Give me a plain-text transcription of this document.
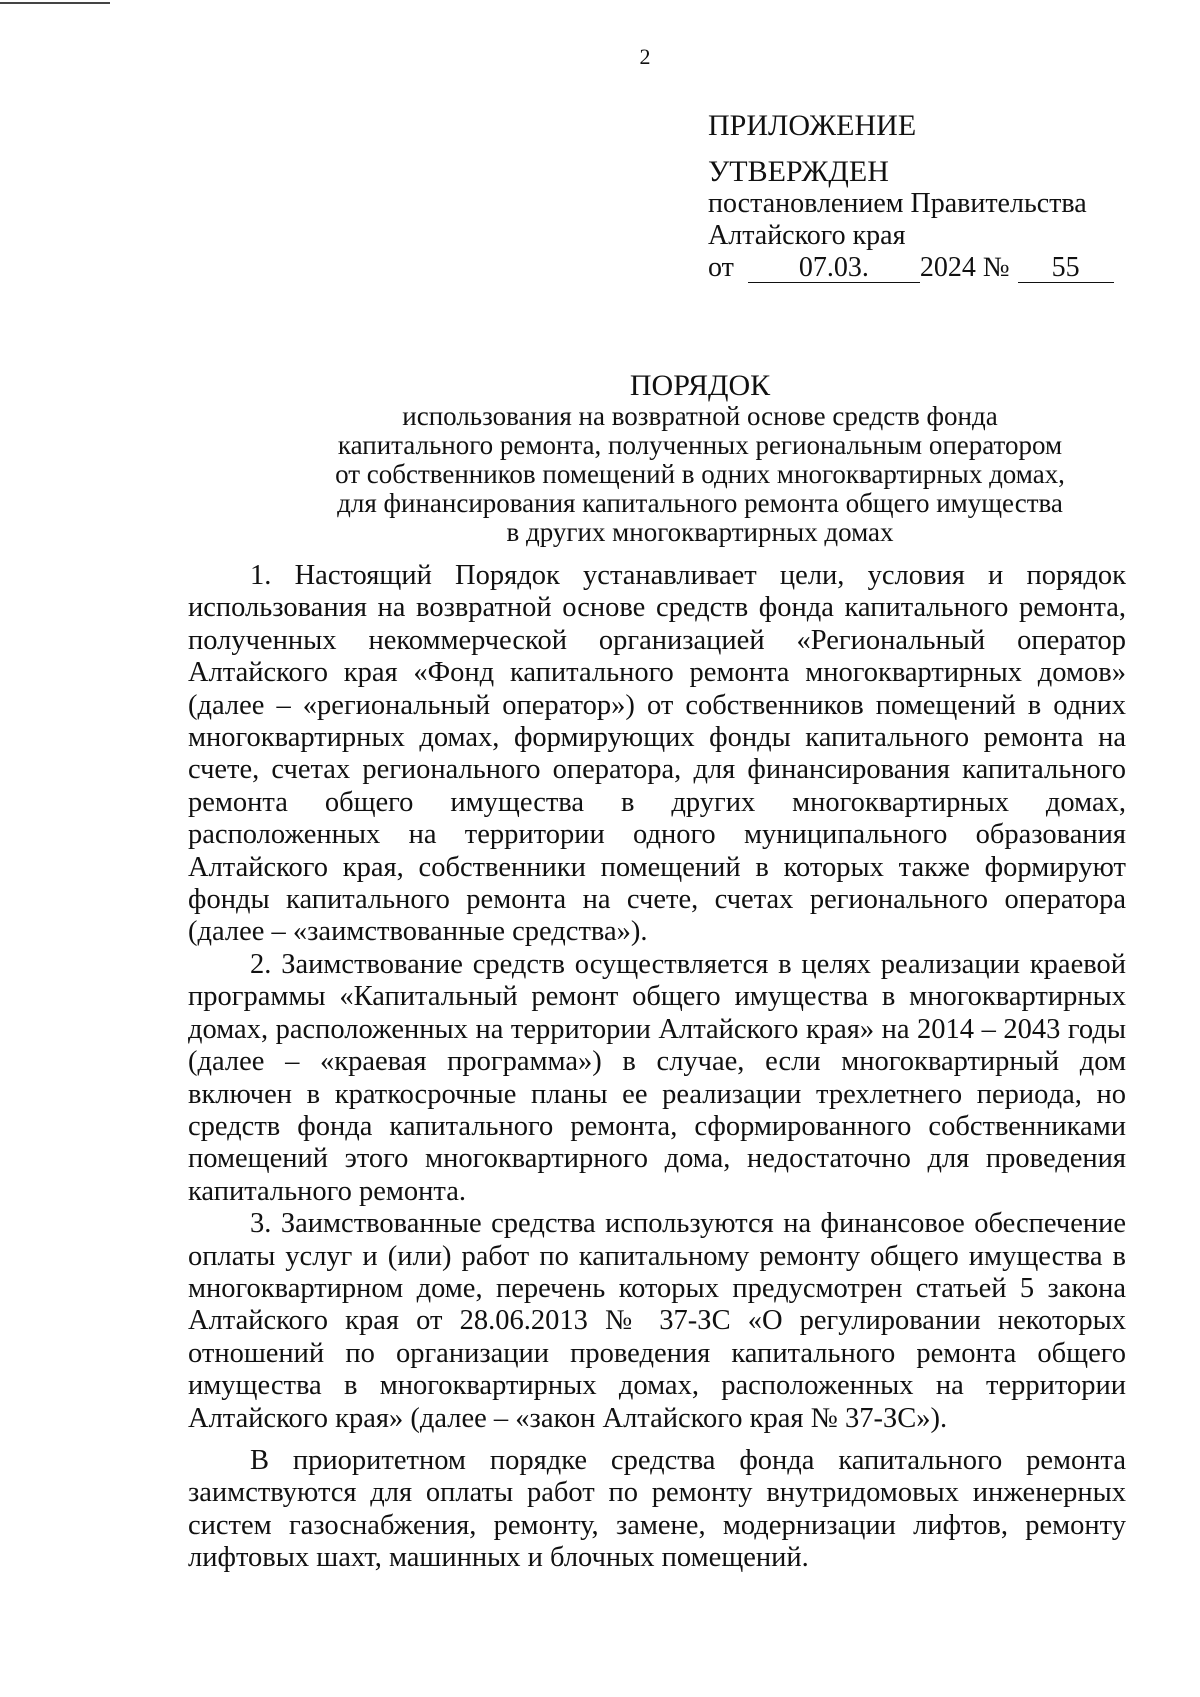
2
ПРИЛОЖЕНИЕ
УТВЕРЖДЕН
постановлением Правительства
Алтайского края
от	07.03.	2024 №	55
ПОРЯДОК
использования на возвратной основе средств фонда
капитального ремонта, полученных региональным оператором
от собственников помещений в одних многоквартирных домах,
для финансирования капитального ремонта общего имущества
в других многоквартирных домах

1. Настоящий Порядок устанавливает цели, условия и порядок использования на возвратной основе средств фонда капитального ремонта, полученных некоммерческой организацией «Региональный оператор Алтайского края «Фонд капитального ремонта многоквартирных домов» (далее – «региональный оператор») от собственников помещений в одних многоквартирных домах, формирующих фонды капитального ремонта на счете, счетах регионального оператора, для финансирования капитального ремонта общего имущества в других многоквартирных домах, расположенных на территории одного муниципального образования Алтайского края, собственники помещений в которых также формируют фонды капитального ремонта на счете, счетах регионального оператора (далее – «заимствованные средства»).

2. Заимствование средств осуществляется в целях реализации краевой программы «Капитальный ремонт общего имущества в многоквартирных домах, расположенных на территории Алтайского края» на 2014 – 2043 годы (далее – «краевая программа») в случае, если многоквартирный дом включен в краткосрочные планы ее реализации трехлетнего периода, но средств фонда капитального ремонта, сформированного собственниками помещений этого многоквартирного дома, недостаточно для проведения капитального ремонта.

3. Заимствованные средства используются на финансовое обеспечение оплаты услуг и (или) работ по капитальному ремонту общего имущества в многоквартирном доме, перечень которых предусмотрен статьей 5 закона Алтайского края от 28.06.2013 № 37-ЗС «О регулировании некоторых отношений по организации проведения капитального ремонта общего имущества в многоквартирных домах, расположенных на территории Алтайского края» (далее – «закон Алтайского края № 37-ЗС»).

В приоритетном порядке средства фонда капитального ремонта заимствуются для оплаты работ по ремонту внутридомовых инженерных систем газоснабжения, ремонту, замене, модернизации лифтов, ремонту лифтовых шахт, машинных и блочных помещений.
